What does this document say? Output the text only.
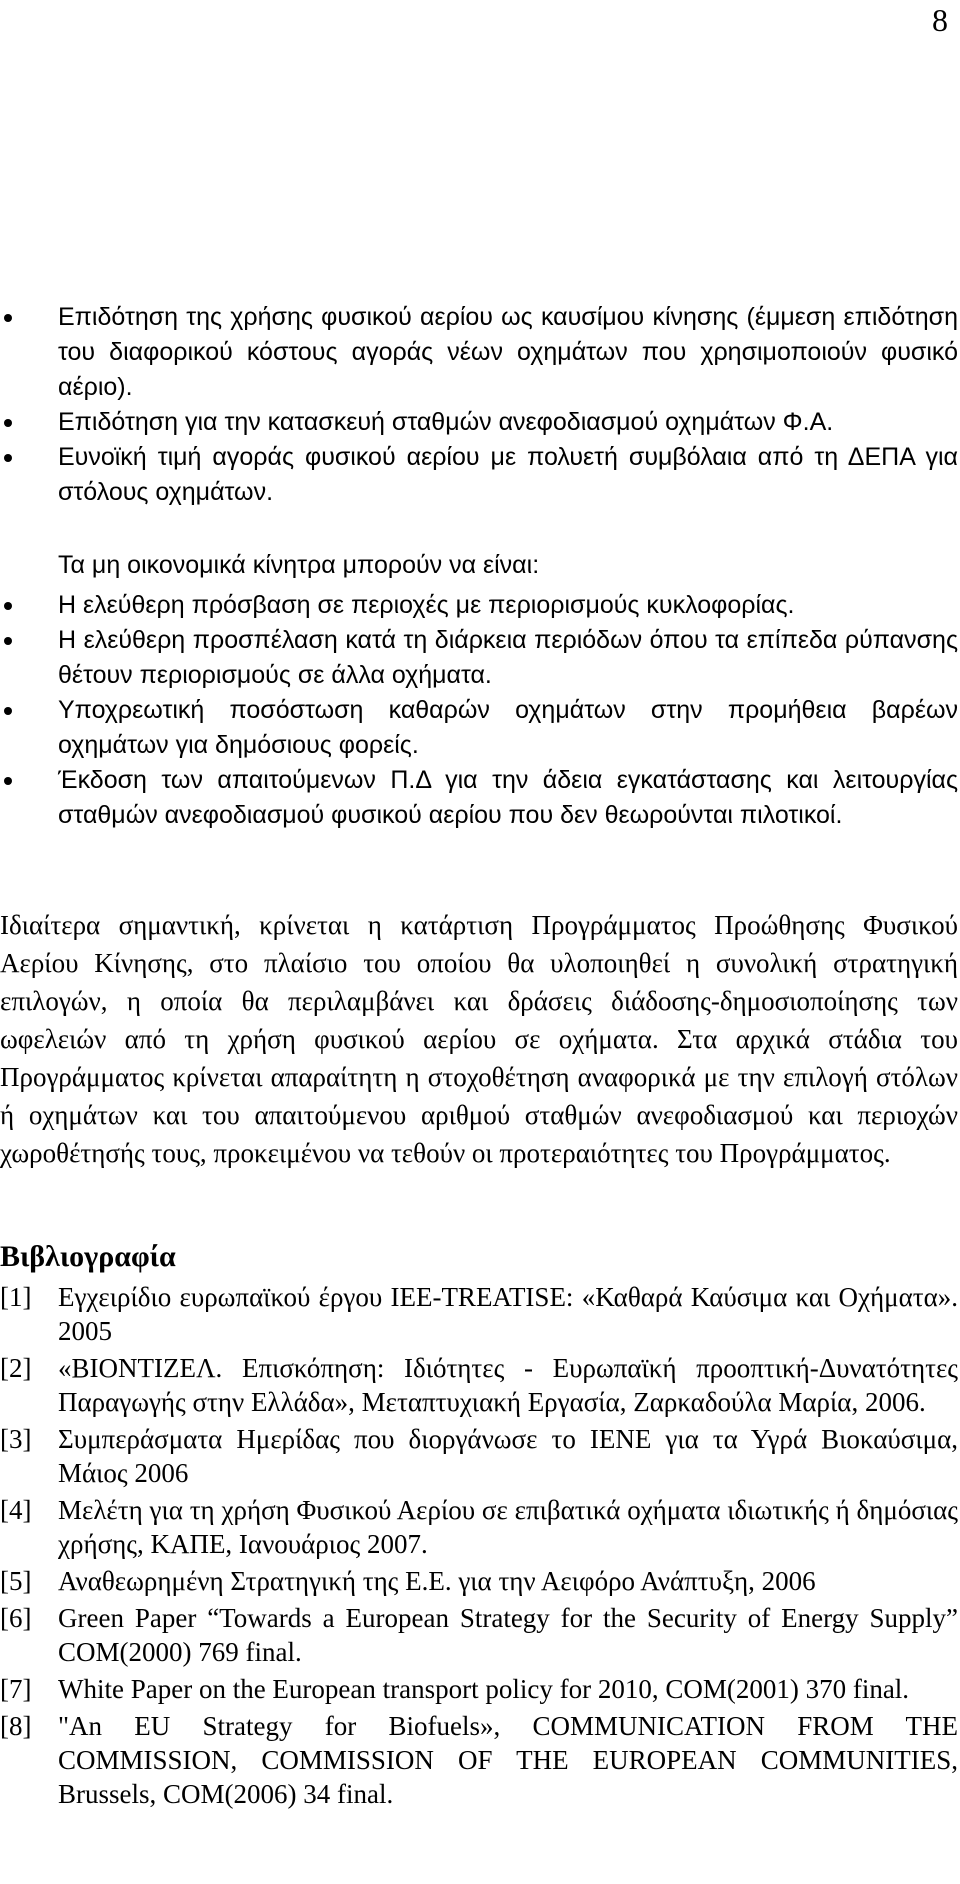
8
Επιδότηση της χρήσης φυσικού αερίου ως καυσίμου κίνησης (έμμεση επιδότηση του διαφορικού κόστους αγοράς νέων οχημάτων που χρησιμοποιούν φυσικό αέριο).
Επιδότηση για την κατασκευή σταθμών ανεφοδιασμού οχημάτων Φ.Α.
Ευνοϊκή τιμή αγοράς φυσικού αερίου με πολυετή συμβόλαια από τη ΔΕΠΑ για στόλους οχημάτων.
Τα μη οικονομικά κίνητρα μπορούν να είναι:
Η ελεύθερη πρόσβαση σε περιοχές με περιορισμούς κυκλοφορίας.
Η ελεύθερη προσπέλαση κατά τη διάρκεια περιόδων όπου τα επίπεδα ρύπανσης θέτουν περιορισμούς σε άλλα οχήματα.
Υποχρεωτική ποσόστωση καθαρών οχημάτων στην προμήθεια βαρέων οχημάτων για δημόσιους φορείς.
Έκδοση των απαιτούμενων Π.Δ για την άδεια εγκατάστασης και λειτουργίας σταθμών ανεφοδιασμού φυσικού αερίου που δεν θεωρούνται πιλοτικοί.
Ιδιαίτερα σημαντική, κρίνεται η κατάρτιση Προγράμματος Προώθησης Φυσικού Αερίου Κίνησης, στο πλαίσιο του οποίου θα υλοποιηθεί η συνολική στρατηγική επιλογών, η οποία θα περιλαμβάνει και δράσεις διάδοσης-δημοσιοποίησης των ωφελειών από τη χρήση φυσικού αερίου σε οχήματα. Στα αρχικά στάδια του Προγράμματος κρίνεται απαραίτητη η στοχοθέτηση αναφορικά με την επιλογή στόλων ή οχημάτων και του απαιτούμενου αριθμού σταθμών ανεφοδιασμού και περιοχών χωροθέτησής τους, προκειμένου να τεθούν οι προτεραιότητες του Προγράμματος.
Βιβλιογραφία
[1] Εγχειρίδιο ευρωπαϊκού έργου IEE-TREATISE: «Καθαρά Καύσιμα και Οχήματα». 2005
[2] «ΒΙΟΝΤΙΖΕΛ. Επισκόπηση: Ιδιότητες - Ευρωπαϊκή προοπτική-Δυνατότητες Παραγωγής στην Ελλάδα», Μεταπτυχιακή Εργασία, Ζαρκαδούλα Μαρία, 2006.
[3] Συμπεράσματα Ημερίδας που διοργάνωσε το ΙΕΝΕ για τα Υγρά Βιοκαύσιμα, Μάιος 2006
[4] Μελέτη για τη χρήση Φυσικού Αερίου σε επιβατικά οχήματα ιδιωτικής ή δημόσιας χρήσης, ΚΑΠΕ, Ιανουάριος 2007.
[5] Αναθεωρημένη Στρατηγική της Ε.Ε. για την Αειφόρο Ανάπτυξη, 2006
[6] Green Paper “Towards a European Strategy for the Security of Energy Supply” COM(2000) 769 final.
[7] White Paper on the European transport policy for 2010, COM(2001) 370 final.
[8] "An EU Strategy for Biofuels», COMMUNICATION FROM THE COMMISSION, COMMISSION OF THE EUROPEAN COMMUNITIES, Brussels, COM(2006) 34 final.
